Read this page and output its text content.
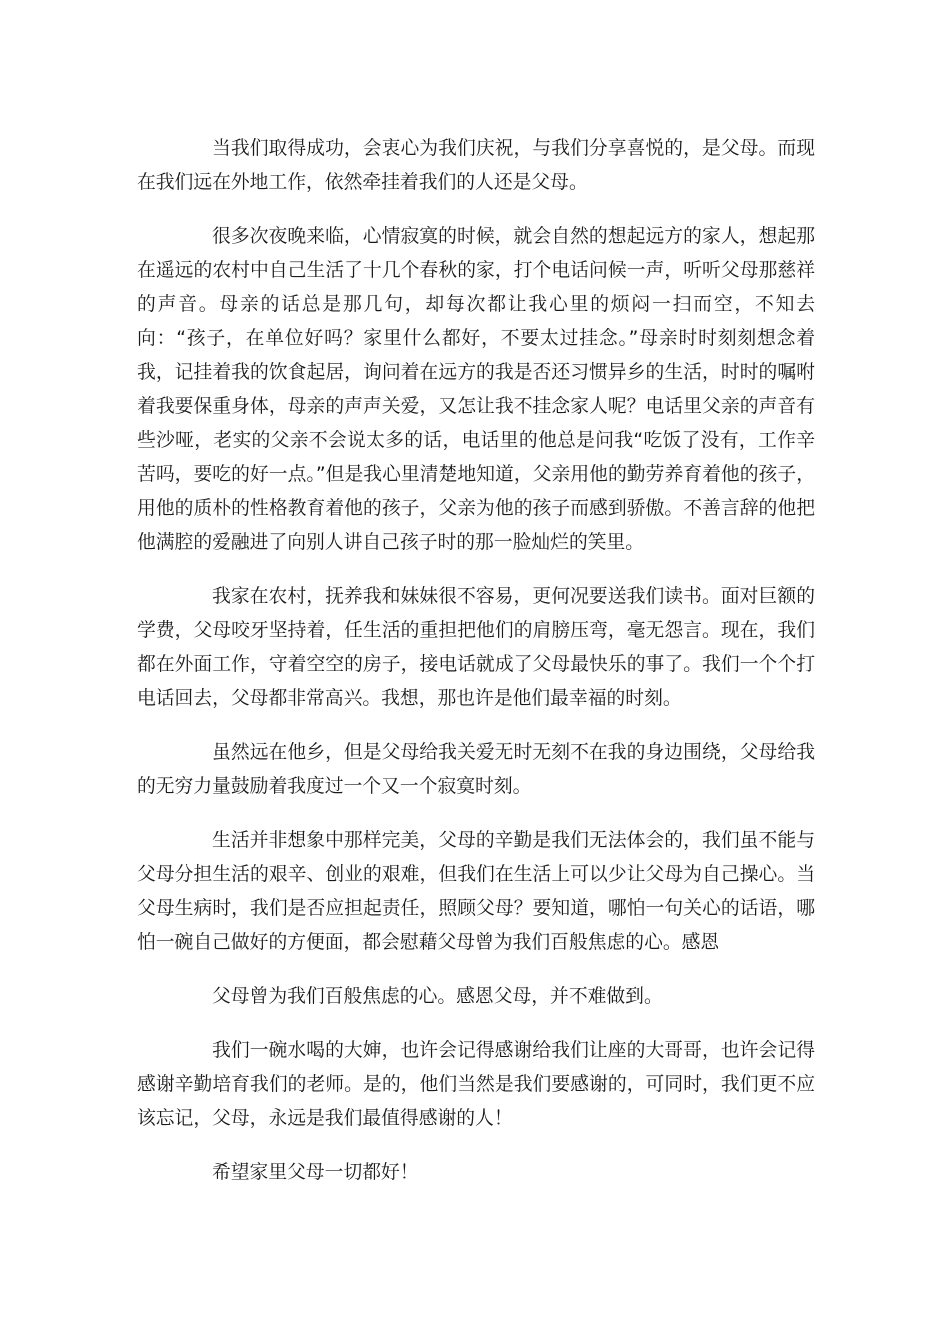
当我们取得成功，会衷心为我们庆祝，与我们分享喜悦的，是父母。而现在我们远在外地工作，依然牵挂着我们的人还是父母。

很多次夜晚来临，心情寂寞的时候，就会自然的想起远方的家人，想起那在遥远的农村中自己生活了十几个春秋的家，打个电话问候一声，听听父母那慈祥的声音。母亲的话总是那几句，却每次都让我心里的烦闷一扫而空，不知去向：“孩子，在单位好吗？家里什么都好，不要太过挂念。”母亲时时刻刻想念着我，记挂着我的饮食起居，询问着在远方的我是否还习惯异乡的生活，时时的嘱咐着我要保重身体，母亲的声声关爱，又怎让我不挂念家人呢？电话里父亲的声音有些沙哑，老实的父亲不会说太多的话，电话里的他总是问我“吃饭了没有，工作辛苦吗，要吃的好一点。”但是我心里清楚地知道，父亲用他的勤劳养育着他的孩子，用他的质朴的性格教育着他的孩子，父亲为他的孩子而感到骄傲。不善言辞的他把他满腔的爱融进了向别人讲自己孩子时的那一脸灿烂的笑里。

我家在农村，抚养我和妹妹很不容易，更何况要送我们读书。面对巨额的学费，父母咬牙坚持着，任生活的重担把他们的肩膀压弯，毫无怨言。现在，我们都在外面工作，守着空空的房子，接电话就成了父母最快乐的事了。我们一个个打电话回去，父母都非常高兴。我想，那也许是他们最幸福的时刻。

虽然远在他乡，但是父母给我关爱无时无刻不在我的身边围绕，父母给我的无穷力量鼓励着我度过一个又一个寂寞时刻。

生活并非想象中那样完美，父母的辛勤是我们无法体会的，我们虽不能与父母分担生活的艰辛、创业的艰难，但我们在生活上可以少让父母为自己操心。当父母生病时，我们是否应担起责任，照顾父母？要知道，哪怕一句关心的话语，哪怕一碗自己做好的方便面，都会慰藉父母曾为我们百般焦虑的心。感恩

父母曾为我们百般焦虑的心。感恩父母，并不难做到。

我们一碗水喝的大婶，也许会记得感谢给我们让座的大哥哥，也许会记得感谢辛勤培育我们的老师。是的，他们当然是我们要感谢的，可同时，我们更不应该忘记，父母，永远是我们最值得感谢的人！

希望家里父母一切都好！
